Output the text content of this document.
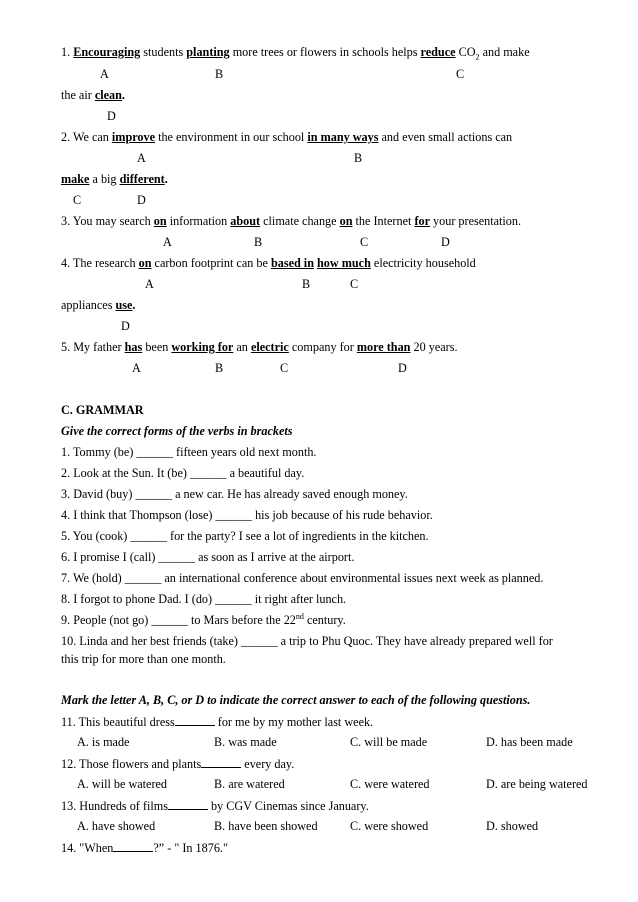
1. Encouraging students planting more trees or flowers in schools helps reduce $CO_2$ and make
A	B	C
the air clean.
D
2. We can improve the environment in our school in many ways and even small actions can
A	B
make a big different.
C	D
3. You may search on information about climate change on the Internet for your presentation.
A	B	C	D
4. The research on carbon footprint can be based in how much electricity household
A	B	C
appliances use.
D
5. My father has been working for an electric company for more than 20 years.
A	B	C	D
C. GRAMMAR
Give the correct forms of the verbs in brackets
1. Tommy (be) ______ fifteen years old next month.
2. Look at the Sun. It (be) ______ a beautiful day.
3. David (buy) ______ a new car. He has already saved enough money.
4. I think that Thompson (lose) ______ his job because of his rude behavior.
5. You (cook) ______ for the party? I see a lot of ingredients in the kitchen.
6. I promise I (call) ______ as soon as I arrive at the airport.
7. We (hold) ______ an international conference about environmental issues next week as planned.
8. I forgot to phone Dad. I (do) ______ it right after lunch.
9. People (not go) ______ to Mars before the 22nd century.
10. Linda and her best friends (take) ______ a trip to Phu Quoc. They have already prepared well for
this trip for more than one month.
Mark the letter A, B, C, or D to indicate the correct answer to each of the following questions.
11. This beautiful dress	for me by my mother last week.
A. is made	B. was made	C. will be made	D. has been made
12. Those flowers and plants	every day.
A. will be watered	B. are watered	C. were watered	D. are being watered
13. Hundreds of films	by CGV Cinemas since January.
A. have showed	B. have been showed	C. were showed	D. showed
14. "When	?” - " In 1876."
